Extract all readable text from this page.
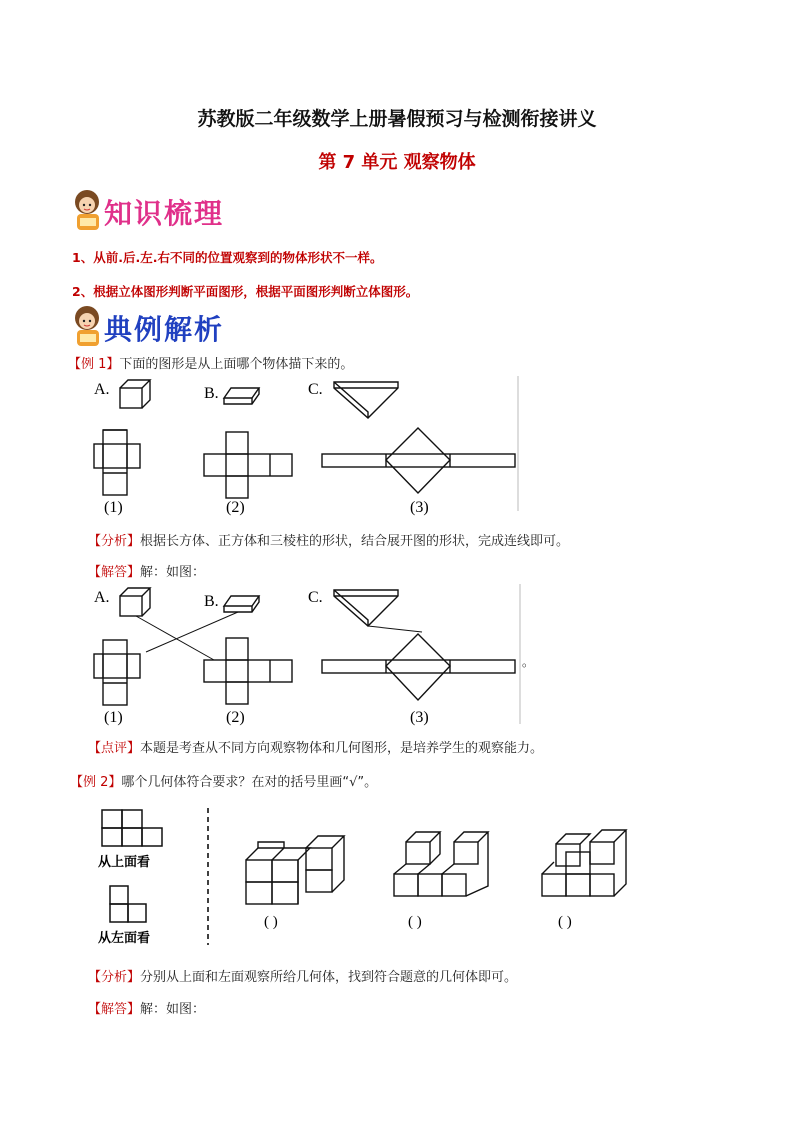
苏教版二年级数学上册暑假预习与检测衔接讲义
第 7 单元 观察物体
知识梳理
1、从前.后.左.右不同的位置观察到的物体形状不一样。
2、根据立体图形判断平面图形，根据平面图形判断立体图形。
典例解析
【例 1】下面的图形是从上面哪个物体描下来的。
A.	B.	C.
(1)	(2)	(3)
【分析】根据长方体、正方体和三棱柱的形状，结合展开图的形状，完成连线即可。
【解答】解：如图：
A.	B.	C.
(1)	(2)	(3)
。
【点评】本题是考查从不同方向观察物体和几何图形，是培养学生的观察能力。
【例 2】哪个几何体符合要求？在对的括号里画“√”。
从上面看
从左面看
( )	( )	( )
【分析】分别从上面和左面观察所给几何体，找到符合题意的几何体即可。
【解答】解：如图：
